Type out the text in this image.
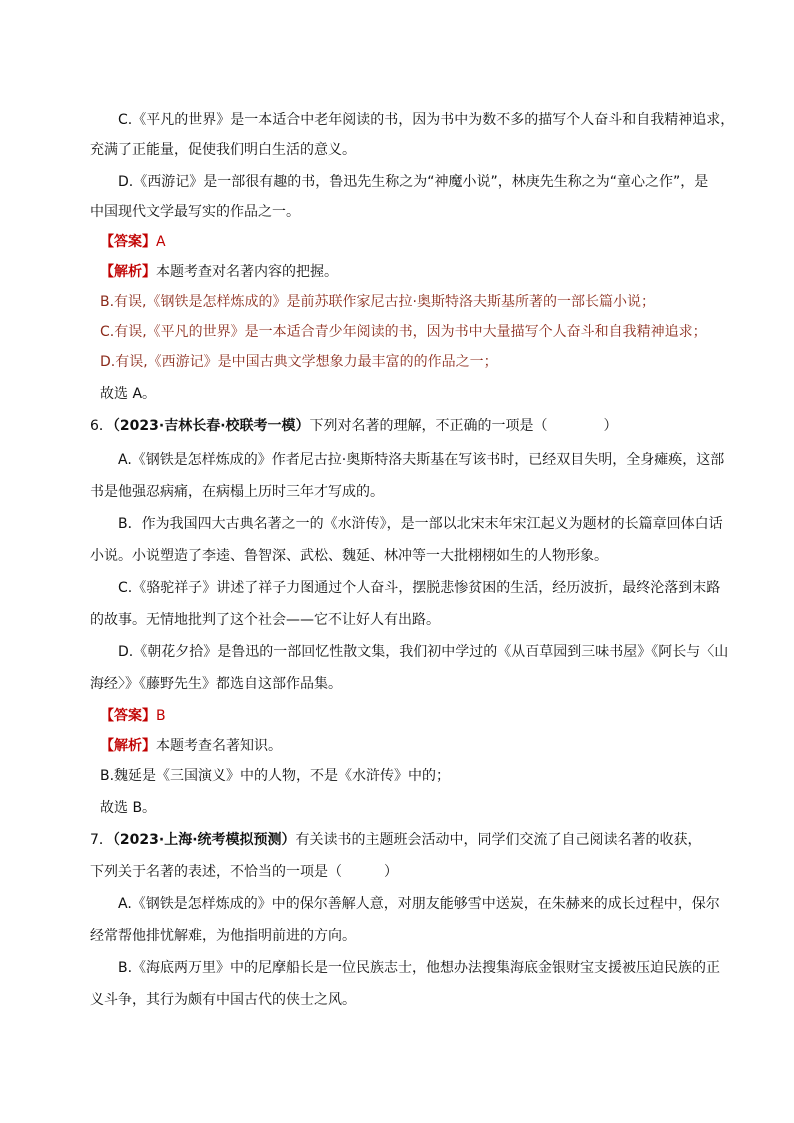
C.《平凡的世界》是一本适合中老年阅读的书，因为书中为数不多的描写个人奋斗和自我精神追求，
充满了正能量，促使我们明白生活的意义。
D.《西游记》是一部很有趣的书，鲁迅先生称之为“神魔小说”，林庚先生称之为“童心之作”，是
中国现代文学最写实的作品之一。
【答案】A
【解析】本题考查对名著内容的把握。
B.有误,《钢铁是怎样炼成的》是前苏联作家尼古拉·奥斯特洛夫斯基所著的一部长篇小说；
C.有误,《平凡的世界》是一本适合青少年阅读的书，因为书中大量描写个人奋斗和自我精神追求；
D.有误,《西游记》是中国古典文学想象力最丰富的的作品之一；
故选 A。
6．（2023·吉林长春·校联考一模）下列对名著的理解，不正确的一项是（　　　　）
A.《钢铁是怎样炼成的》作者尼古拉·奥斯特洛夫斯基在写该书时，已经双目失明，全身瘫痪，这部
书是他强忍病痛，在病榻上历时三年才写成的。
B．作为我国四大古典名著之一的《水浒传》，是一部以北宋末年宋江起义为题材的长篇章回体白话
小说。小说塑造了李逵、鲁智深、武松、魏延、林冲等一大批栩栩如生的人物形象。
C.《骆驼祥子》讲述了祥子力图通过个人奋斗，摆脱悲惨贫困的生活，经历波折，最终沦落到末路
的故事。无情地批判了这个社会——它不让好人有出路。
D.《朝花夕拾》是鲁迅的一部回忆性散文集，我们初中学过的《从百草园到三味书屋》《阿长与〈山
海经〉》《藤野先生》都选自这部作品集。
【答案】B
【解析】本题考查名著知识。
B.魏延是《三国演义》中的人物，不是《水浒传》中的；
故选 B。
7．（2023·上海·统考模拟预测）有关读书的主题班会活动中，同学们交流了自己阅读名著的收获，
下列关于名著的表述，不恰当的一项是（　　　）
A.《钢铁是怎样炼成的》中的保尔善解人意，对朋友能够雪中送炭，在朱赫来的成长过程中，保尔
经常帮他排忧解难，为他指明前进的方向。
B.《海底两万里》中的尼摩船长是一位民族志士，他想办法搜集海底金银财宝支援被压迫民族的正
义斗争，其行为颇有中国古代的侠士之风。
